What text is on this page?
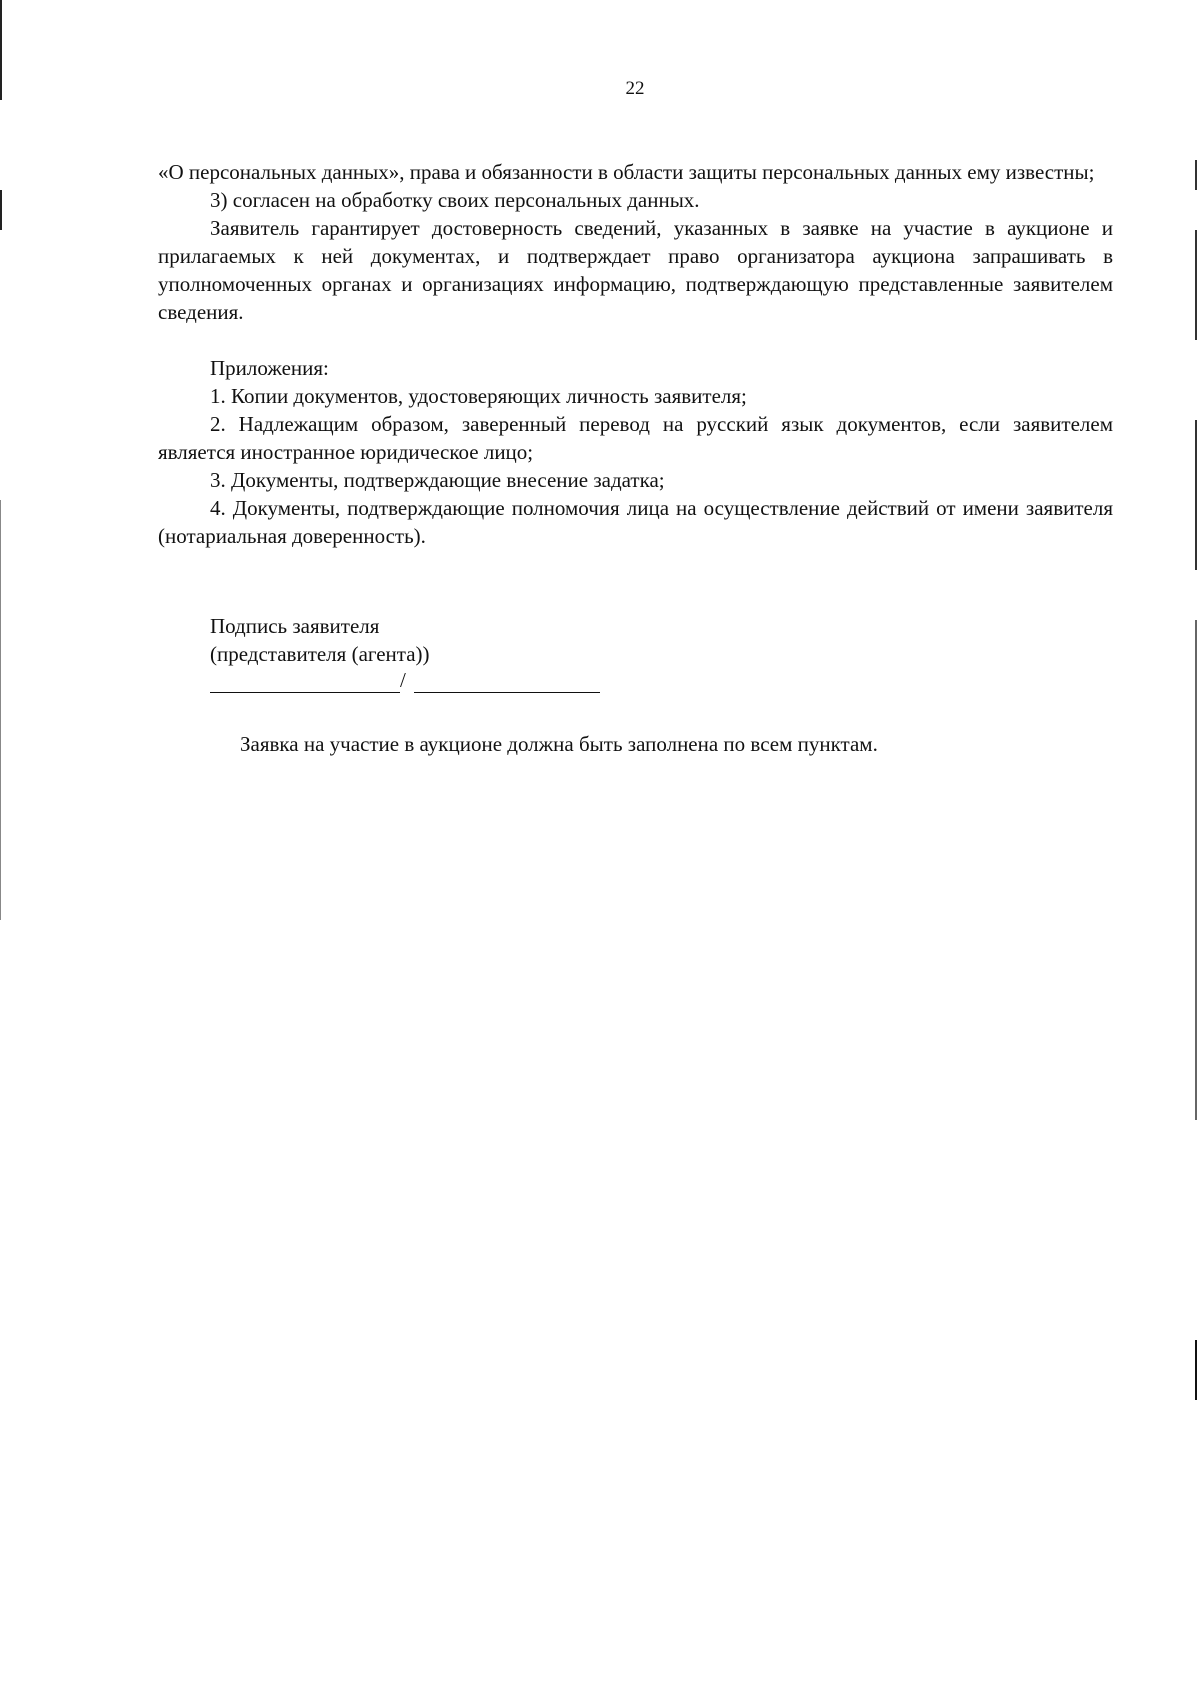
22

«О персональных данных», права и обязанности в области защиты персональных данных ему известны;

3) согласен на обработку своих персональных данных.

Заявитель гарантирует достоверность сведений, указанных в заявке на участие в аукционе и прилагаемых к ней документах, и подтверждает право организатора аукциона запрашивать в уполномоченных органах и организациях информацию, подтверждающую представленные заявителем сведения.

Приложения:

1. Копии документов, удостоверяющих личность заявителя;

2. Надлежащим образом, заверенный перевод на русский язык документов, если заявителем является иностранное юридическое лицо;

3. Документы, подтверждающие внесение задатка;

4. Документы, подтверждающие полномочия лица на осуществление действий от имени заявителя (нотариальная доверенность).

Подпись заявителя
(представителя (агента))
/
Заявка на участие в аукционе должна быть заполнена по всем пунктам.
